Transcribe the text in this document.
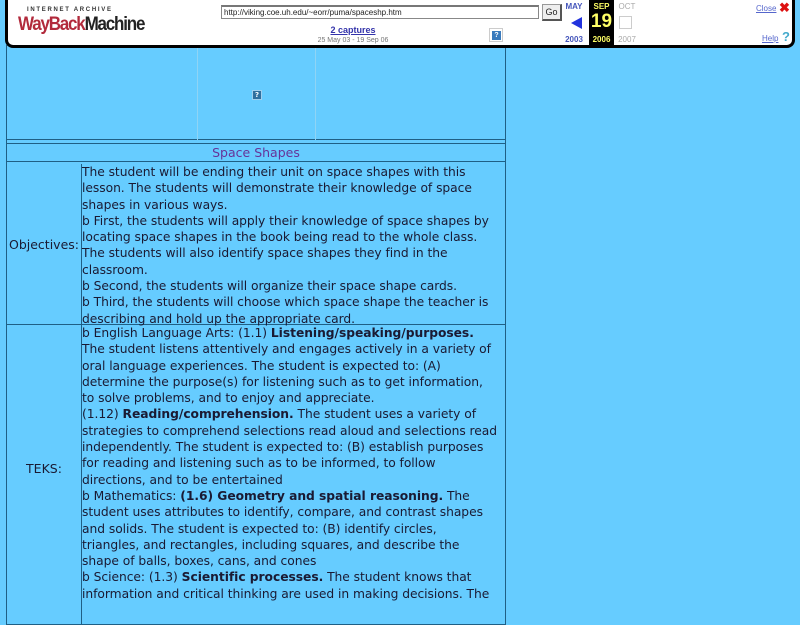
INTERNET ARCHIVE
WayBackMachine
http://viking.coe.uh.edu/~eorr/puma/spaceshp.htm	Go
2 captures
25 May 03 - 19 Sep 06
?
MAY
2003
SEP
19
2006
OCT
2007
Close ✖
Help ?
?
Space Shapes
Objectives:

The student will be ending their unit on space shapes with this

lesson. The students will demonstrate their knowledge of space

shapes in various ways.

b First, the students will apply their knowledge of space shapes by

locating space shapes in the book being read to the whole class.

The students will also identify space shapes they find in the

classroom.

b Second, the students will organize their space shape cards.

b Third, the students will choose which space shape the teacher is

describing and hold up the appropriate card.

TEKS:

b English Language Arts: (1.1) Listening/speaking/purposes.

The student listens attentively and engages actively in a variety of

oral language experiences. The student is expected to: (A)

determine the purpose(s) for listening such as to get information,

to solve problems, and to enjoy and appreciate.

(1.12) Reading/comprehension. The student uses a variety of

strategies to comprehend selections read aloud and selections read

independently. The student is expected to: (B) establish purposes

for reading and listening such as to be informed, to follow

directions, and to be entertained

b Mathematics: (1.6) Geometry and spatial reasoning. The

student uses attributes to identify, compare, and contrast shapes

and solids. The student is expected to: (B) identify circles,

triangles, and rectangles, including squares, and describe the

shape of balls, boxes, cans, and cones

b Science: (1.3) Scientific processes. The student knows that

information and critical thinking are used in making decisions. The
